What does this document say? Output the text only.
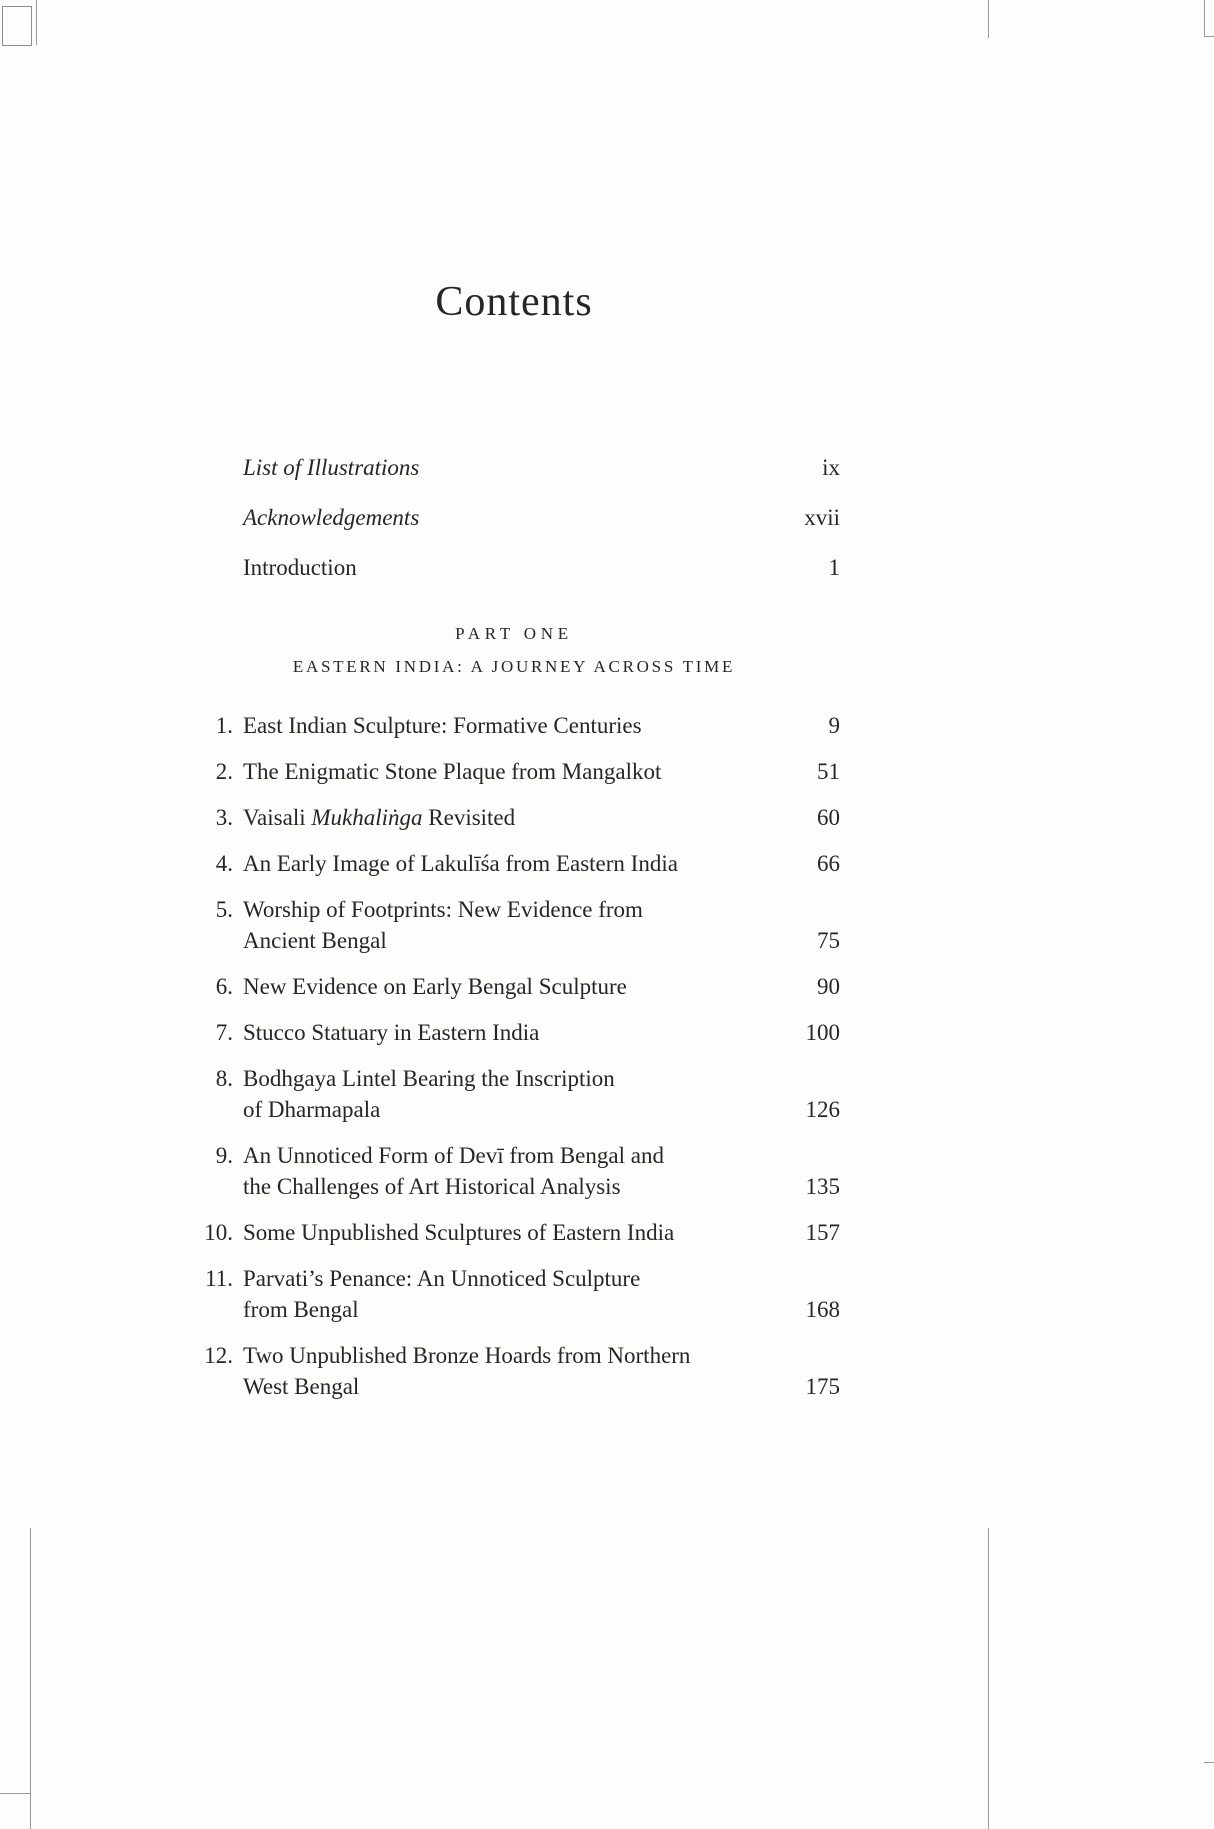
Contents
List of Illustrations	ix
Acknowledgements	xvii
Introduction	1
PART ONE
EASTERN INDIA: A JOURNEY ACROSS TIME
1. East Indian Sculpture: Formative Centuries	9
2. The Enigmatic Stone Plaque from Mangalkot	51
3. Vaisali Mukhaliṅga Revisited	60
4. An Early Image of Lakulīśa from Eastern India	66
5. Worship of Footprints: New Evidence from
Ancient Bengal	75
6. New Evidence on Early Bengal Sculpture	90
7. Stucco Statuary in Eastern India	100
8. Bodhgaya Lintel Bearing the Inscription
of Dharmapala	126
9. An Unnoticed Form of Devī from Bengal and
the Challenges of Art Historical Analysis	135
10. Some Unpublished Sculptures of Eastern India	157
11. Parvati’s Penance: An Unnoticed Sculpture
from Bengal	168
12. Two Unpublished Bronze Hoards from Northern
West Bengal	175
